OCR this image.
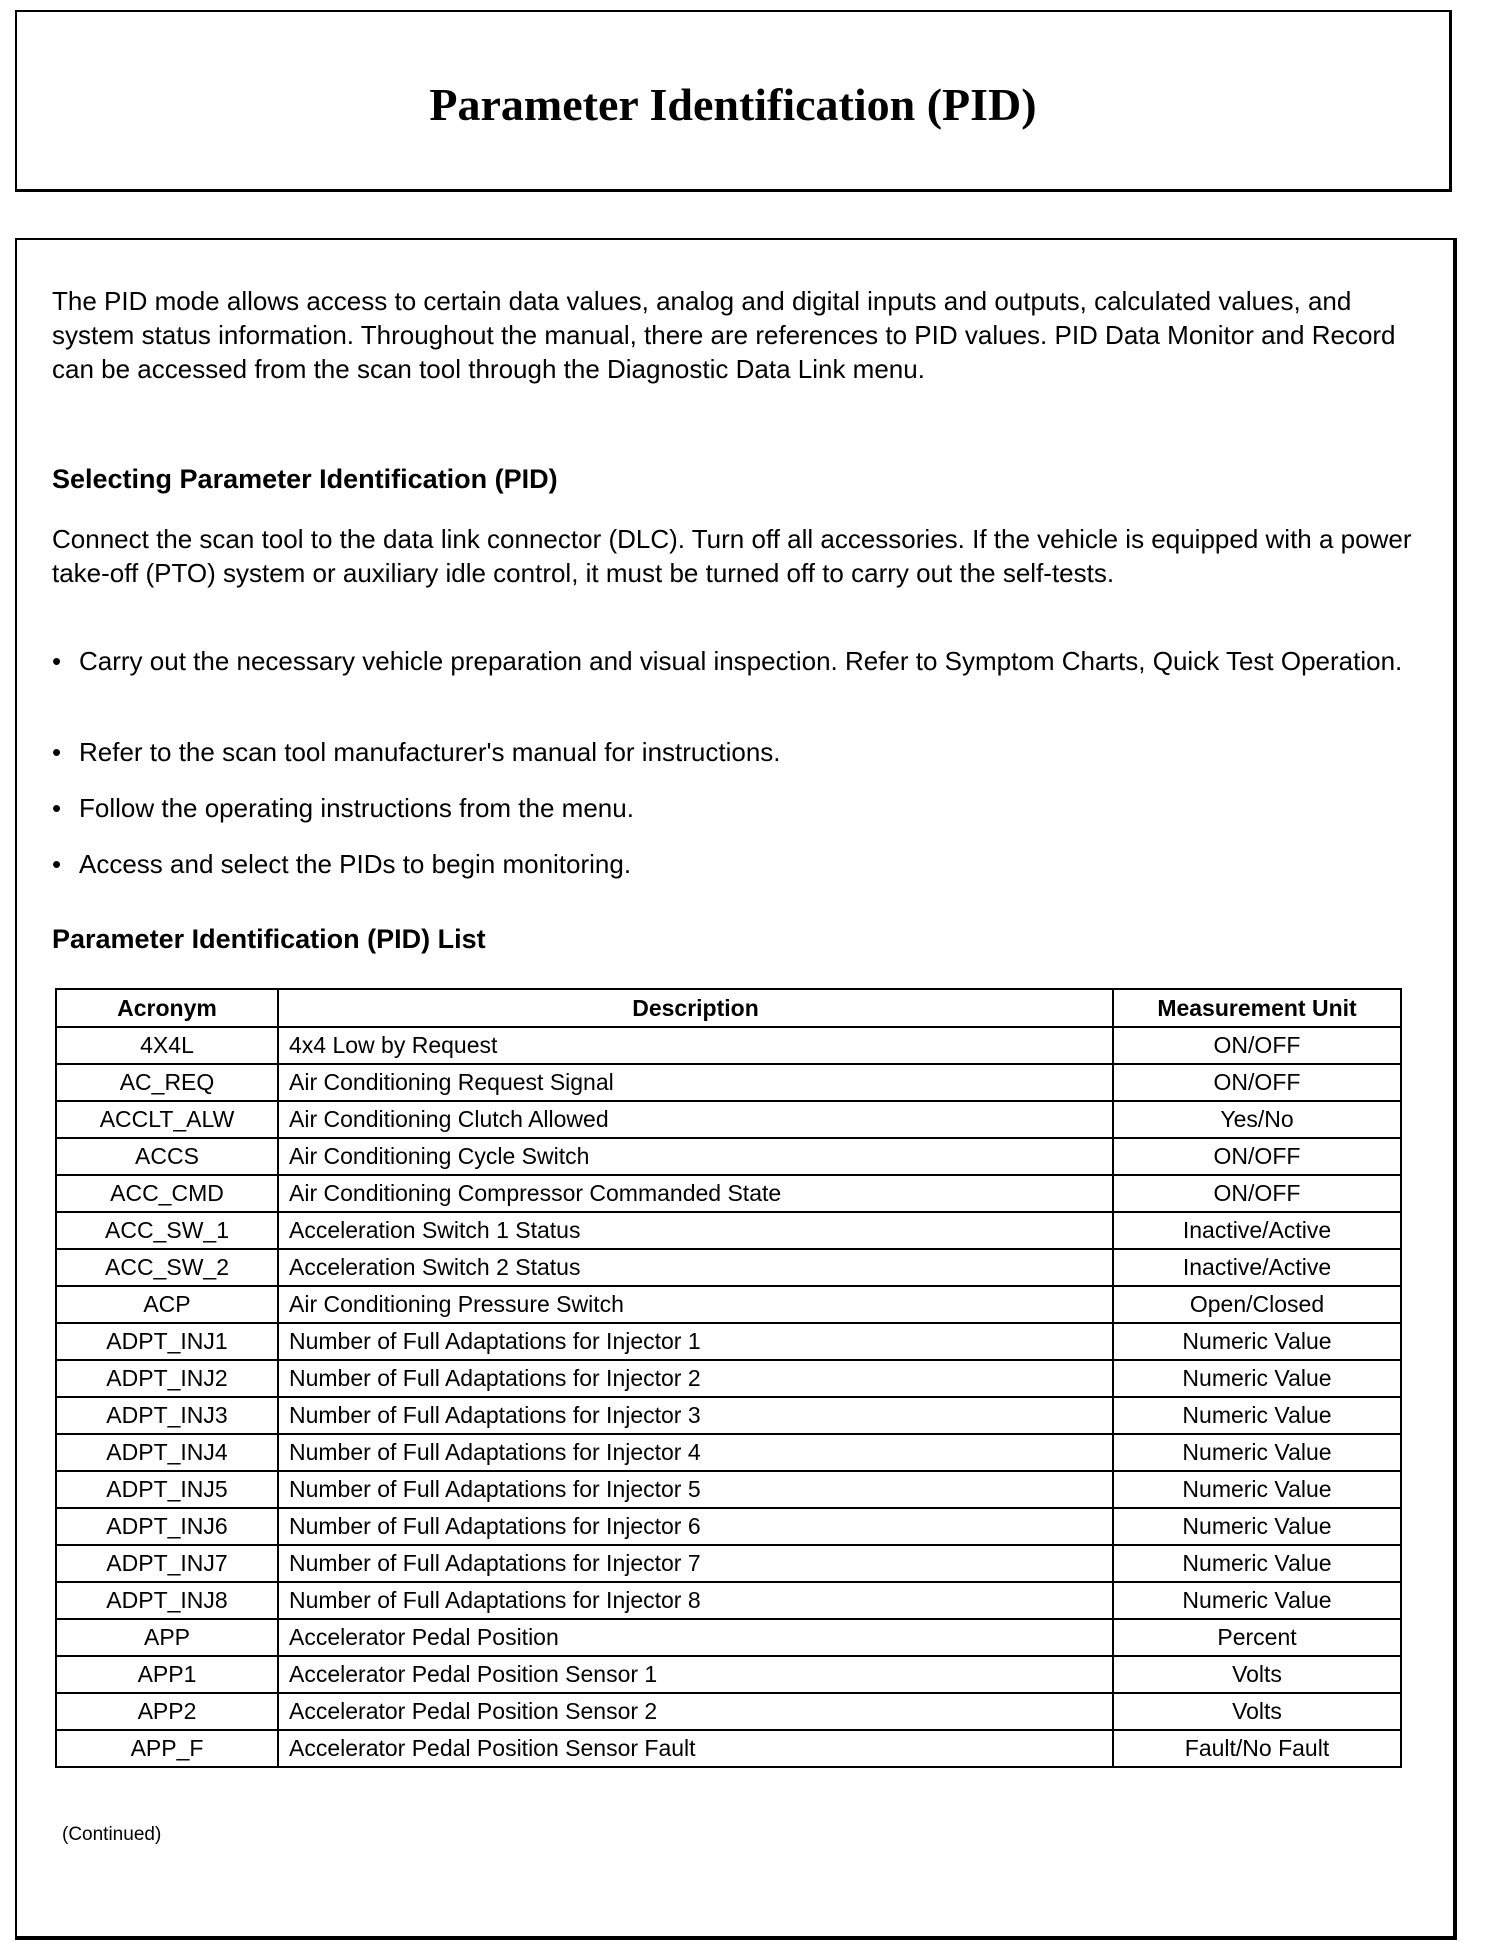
Parameter Identification (PID)
The PID mode allows access to certain data values, analog and digital inputs and outputs, calculated values, and system status information. Throughout the manual, there are references to PID values. PID Data Monitor and Record can be accessed from the scan tool through the Diagnostic Data Link menu.
Selecting Parameter Identification (PID)
Connect the scan tool to the data link connector (DLC). Turn off all accessories. If the vehicle is equipped with a power take-off (PTO) system or auxiliary idle control, it must be turned off to carry out the self-tests.
• Carry out the necessary vehicle preparation and visual inspection. Refer to Symptom Charts, Quick Test Operation.
• Refer to the scan tool manufacturer's manual for instructions.
• Follow the operating instructions from the menu.
• Access and select the PIDs to begin monitoring.
Parameter Identification (PID) List
Acronym	Description	Measurement Unit
4X4L	4x4 Low by Request	ON/OFF
AC_REQ	Air Conditioning Request Signal	ON/OFF
ACCLT_ALW	Air Conditioning Clutch Allowed	Yes/No
ACCS	Air Conditioning Cycle Switch	ON/OFF
ACC_CMD	Air Conditioning Compressor Commanded State	ON/OFF
ACC_SW_1	Acceleration Switch 1 Status	Inactive/Active
ACC_SW_2	Acceleration Switch 2 Status	Inactive/Active
ACP	Air Conditioning Pressure Switch	Open/Closed
ADPT_INJ1	Number of Full Adaptations for Injector 1	Numeric Value
ADPT_INJ2	Number of Full Adaptations for Injector 2	Numeric Value
ADPT_INJ3	Number of Full Adaptations for Injector 3	Numeric Value
ADPT_INJ4	Number of Full Adaptations for Injector 4	Numeric Value
ADPT_INJ5	Number of Full Adaptations for Injector 5	Numeric Value
ADPT_INJ6	Number of Full Adaptations for Injector 6	Numeric Value
ADPT_INJ7	Number of Full Adaptations for Injector 7	Numeric Value
ADPT_INJ8	Number of Full Adaptations for Injector 8	Numeric Value
APP	Accelerator Pedal Position	Percent
APP1	Accelerator Pedal Position Sensor 1	Volts
APP2	Accelerator Pedal Position Sensor 2	Volts
APP_F	Accelerator Pedal Position Sensor Fault	Fault/No Fault
(Continued)
